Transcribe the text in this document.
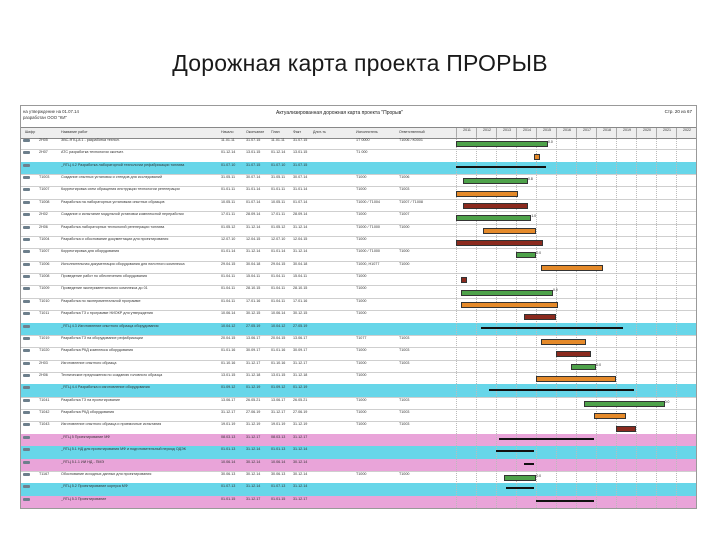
Дорожная карта проекта ПРОРЫВ
на утверждение на 01.07.14
разработан ООО "КИ"
Актуализированная дорожная карта проекта "Прорыв"	Стр. 20 из 67
Шифр	Название работ	Начало	Окончание План	Факт	Длит-ть	Исполнитель	Ответственный	2011	2012	2013	2014	2015	2016	2017	2018	2019	2020	2021	2022
2Н05	ЗВС-ЯТЦ-8.1 - разработка технол.	11.01.11	31.07.15	11.01.11	31.07.15	1Т 0000	Т1006 / К0001
2Н07	АТС разработка технологии окончат.	01.12.14	13.01.15	01.12.14	13.01.15	Т1 000
_ЯТЦ 4.2 Разработка лабораторной технологии рефабрикации топлива	01.07.10	31.07.15	01.07.10	31.07.15
Т1003	Создание опытных установок и стендов для исследований	31.05.11	30.07.14	31.05.11	30.07.14	Т1000	Т1006
Т1007	Корректировка схем обращения инструкции технологии регенерации	01.01.11	31.01.14	01.01.11	31.01.14	Т1000	Т1003
Т1008	Разработка на лабораторных установках опытных образцов	10.05.11	01.07.14	10.05.11	01.07.14	Т1000 / Т1004	Т1007 / Т1008
2Н02	Создание и испытание модульной установки комплексной переработки	17.01.11	28.09.14	17.01.11	28.09.14	Т1000	Т1007
2Н06	Разработка лабораторных технологий регенерации топлива	01.05.12	31.12.14	01.05.12	31.12.14	Т1000 / Т1000	Т1000
Т1004	Разработка и обоснование документации для проектирования	12.07.10	12.04.15	12.07.10	12.04.15	Т1000
Т1007	Корректировка для оборудования	01.01.14	31.12.14	01.01.14	31.12.14	Т1000 / Т1000	Т1000
Т1006	Исполнительная документация оборудования для пилотного комплекса	29.04.15	30.04.18	29.04.15	30.04.18	Т1000, Н1077	Т1000
Т1008	Проведение работ по обеспечению оборудования	01.04.11	15.04.11	01.04.11	15.04.11	Т1000
Т1009	Проведение экспериментального комплекса до 01	01.04.11	28.10.15	01.04.11	28.10.15	Т1000
Т1010	Разработка по экспериментальной программе	01.04.11	17.01.16	01.04.11	17.01.16	Т1000
Т1011	Разработка ТЗ к программе НИОКР для утверждения	10.06.14	30.12.15	10.06.14	30.12.15	Т1000
_ЯТЦ 4.3 Изготовление опытного образца оборудования	10.04.12	27.05.19	10.04.12	27.05.19
Т1019	Разработка ТЗ на оборудование рефабрикации	20.04.15	13.06.17	20.04.15	13.06.17	Т1077	Т1003
Т1020	Разработка РКД комплекса оборудования	01.01.16	30.09.17	01.01.16	30.09.17	Т1000	Т1003
2Н03	Изготовление опытного образца	01.10.16	31.12.17	01.10.16	31.12.17	Т1000	Т1003
2Н06	Технические предложения по созданию головного образца	13.01.15	31.12.18	13.01.15	31.12.18	Т1000
_ЯТЦ 4.4 Разработка и изготовление оборудования	01.09.12	01.12.19	01.09.12	01.12.19
Т1041	Разработка ТЗ на проектирование	13.06.17	26.05.21	13.06.17	26.05.21	Т1000	Т1003
Т1042	Разработка РКД оборудования	31.12.17	27.06.19	31.12.17	27.06.19	Т1000	Т1003
Т1043	Изготовление опытного образца и приемочные испытания	19.01.19	31.12.19	19.01.19	31.12.19	Т1000	Т1003
_ЯТЦ 5 Проектирование МФ	08.03.13	31.12.17	08.03.13	31.12.17
_ЯТЦ 5.1 НД для проектирования МФ и подготовительный период ОДЭК	01.01.13	31.12.14	01.01.13	31.12.14
_ЯТЦ 5.1.1 ИИ НД - ПМЭ	10.06.14	30.12.14	10.06.14	30.12.14
Т1167	Обоснование исходных данных для проектирования	30.06.13	30.12.14	30.06.13	30.12.14	Т1000	Т1000
_ЯТЦ 5.2 Проектирование корпуса МФ	01.07.13	31.12.14	01.07.13	31.12.14
_ЯТЦ 5.3 Проектирование	01.01.15	31.12.17	01.01.15	31.12.17
0.0
0.8
1.0
0.0
0.0
0.0
0.0
0.0
